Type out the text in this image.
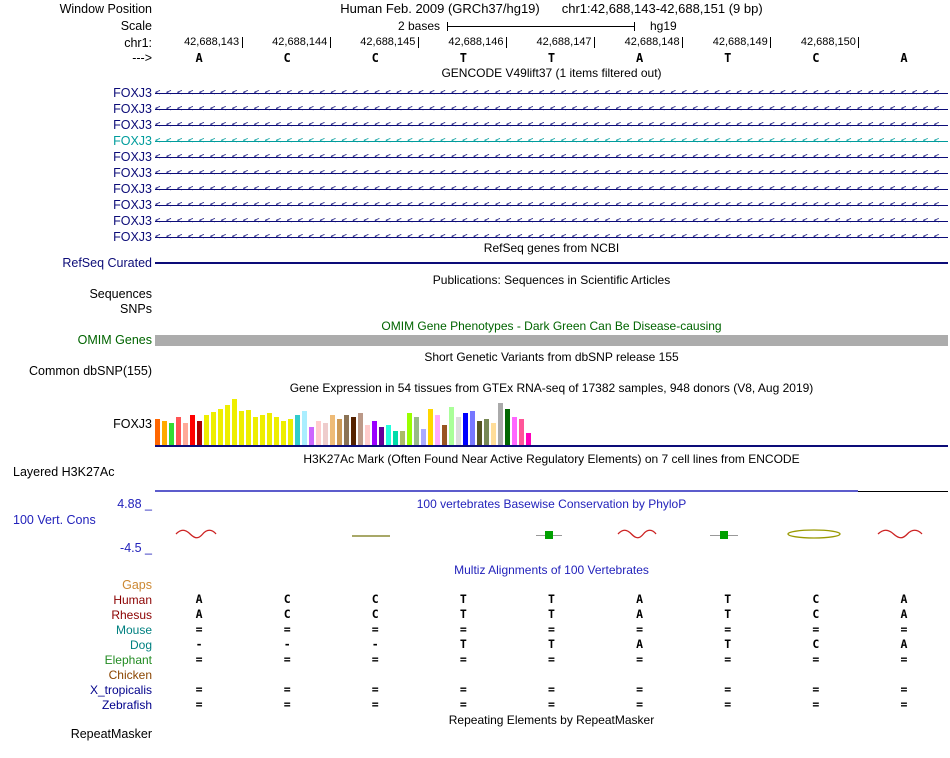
Window Position	Human Feb. 2009 (GRCh37/hg19) chr1:42,688,143-42,688,151 (9 bp)
Scale	2 bases	hg19
chr1:	42,688,143	42,688,144	42,688,145	42,688,146	42,688,147	42,688,148	42,688,149	42,688,150
--->	A	C	C	T	T	A	T	C	A
GENCODE V49lift37 (1 items filtered out)
FOXJ3 <<<<<<<<<<<<<<<<<<<<<<<<<<<<<<<<<<<<<<<<<<<<<<<<<<<<<<<<<<<<<<<<<<<<<<<<
FOXJ3 <<<<<<<<<<<<<<<<<<<<<<<<<<<<<<<<<<<<<<<<<<<<<<<<<<<<<<<<<<<<<<<<<<<<<<<<
FOXJ3 <<<<<<<<<<<<<<<<<<<<<<<<<<<<<<<<<<<<<<<<<<<<<<<<<<<<<<<<<<<<<<<<<<<<<<<<
FOXJ3 <<<<<<<<<<<<<<<<<<<<<<<<<<<<<<<<<<<<<<<<<<<<<<<<<<<<<<<<<<<<<<<<<<<<<<<<
FOXJ3 <<<<<<<<<<<<<<<<<<<<<<<<<<<<<<<<<<<<<<<<<<<<<<<<<<<<<<<<<<<<<<<<<<<<<<<<
FOXJ3 <<<<<<<<<<<<<<<<<<<<<<<<<<<<<<<<<<<<<<<<<<<<<<<<<<<<<<<<<<<<<<<<<<<<<<<<
FOXJ3 <<<<<<<<<<<<<<<<<<<<<<<<<<<<<<<<<<<<<<<<<<<<<<<<<<<<<<<<<<<<<<<<<<<<<<<<
FOXJ3 <<<<<<<<<<<<<<<<<<<<<<<<<<<<<<<<<<<<<<<<<<<<<<<<<<<<<<<<<<<<<<<<<<<<<<<<
FOXJ3 <<<<<<<<<<<<<<<<<<<<<<<<<<<<<<<<<<<<<<<<<<<<<<<<<<<<<<<<<<<<<<<<<<<<<<<<
FOXJ3 <<<<<<<<<<<<<<<<<<<<<<<<<<<<<<<<<<<<<<<<<<<<<<<<<<<<<<<<<<<<<<<<<<<<<<<<
RefSeq genes from NCBI
RefSeq Curated
Publications: Sequences in Scientific Articles
Sequences
SNPs
OMIM Gene Phenotypes - Dark Green Can Be Disease-causing
OMIM Genes
Short Genetic Variants from dbSNP release 155
Common dbSNP(155)
Gene Expression in 54 tissues from GTEx RNA-seq of 17382 samples, 948 donors (V8, Aug 2019)
FOXJ3
H3K27Ac Mark (Often Found Near Active Regulatory Elements) on 7 cell lines from ENCODE
Layered H3K27Ac
4.88 _	100 vertebrates Basewise Conservation by PhyloP
100 Vert. Cons
-4.5 _
Multiz Alignments of 100 Vertebrates
Gaps
Human	A	C	C	T	T	A	T	C	A
Rhesus	A	C	C	T	T	A	T	C	A
Mouse	=	=	=	=	=	=	=	=	=
Dog	-	-	-	T	T	A	T	C	A
Elephant	=	=	=	=	=	=	=	=	=
Chicken
X_tropicalis	=	=	=	=	=	=	=	=	=
Zebrafish	=	=	=	=	=	=	=	=	=
Repeating Elements by RepeatMasker
RepeatMasker
